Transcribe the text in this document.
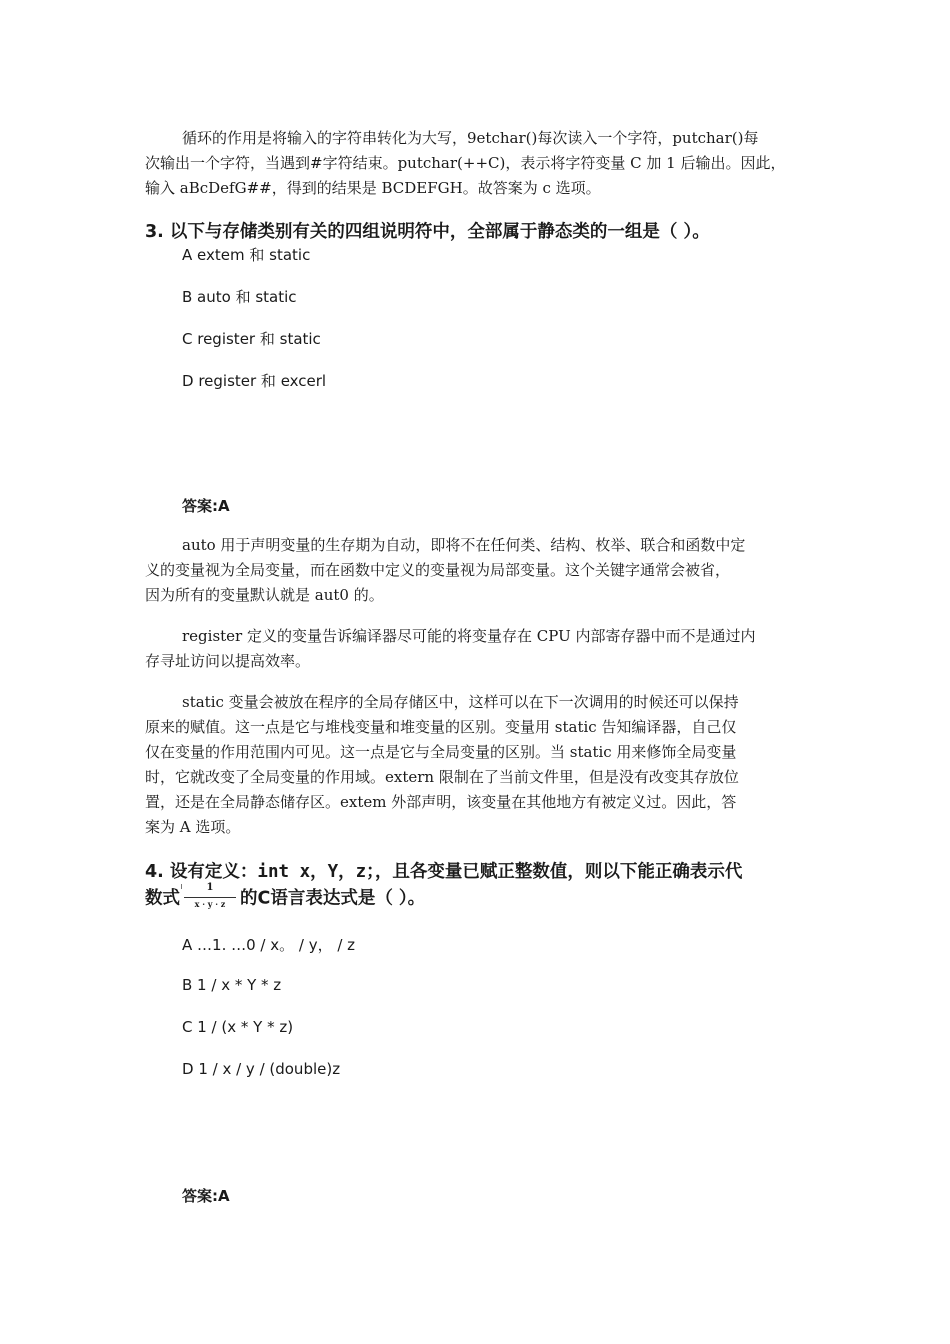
循环的作用是将输入的字符串转化为大写，9etchar()每次读入一个字符，putchar()每
次输出一个字符，当遇到#字符结束。putchar(++C)，表示将字符变量 C 加 1 后输出。因此，
输入 aBcDefG##，得到的结果是 BCDEFGH。故答案为 c 选项。

3. 以下与存储类别有关的四组说明符中，全部属于静态类的一组是（ ）。

A extem 和 static

B auto 和 static

C register 和 static

D register 和 excerl

答案:A

auto 用于声明变量的生存期为自动，即将不在任何类、结构、枚举、联合和函数中定
义的变量视为全局变量，而在函数中定义的变量视为局部变量。这个关键字通常会被省，
因为所有的变量默认就是 aut0 的。

register 定义的变量告诉编译器尽可能的将变量存在 CPU 内部寄存器中而不是通过内
存寻址访问以提高效率。

static 变量会被放在程序的全局存储区中，这样可以在下一次调用的时候还可以保持
原来的赋值。这一点是它与堆栈变量和堆变量的区别。变量用 static 告知编译器，自己仅
仅在变量的作用范围内可见。这一点是它与全局变量的区别。当 static 用来修饰全局变量
时，它就改变了全局变量的作用域。extern 限制在了当前文件里，但是没有改变其存放位
置，还是在全局静态储存区。extem 外部声明，该变量在其他地方有被定义过。因此，答
案为 A 选项。

4. 设有定义：int x，Y，z；，且各变量已赋正整数值，则以下能正确表示代

数式 $\frac{1}{x \cdot y \cdot z}$ 的C语言表达式是（ ）。

A …1. …0 / x。 / y， / z

B 1 / x * Y * z

C 1 / (x * Y * z)

D 1 / x / y / (double)z

答案:A
